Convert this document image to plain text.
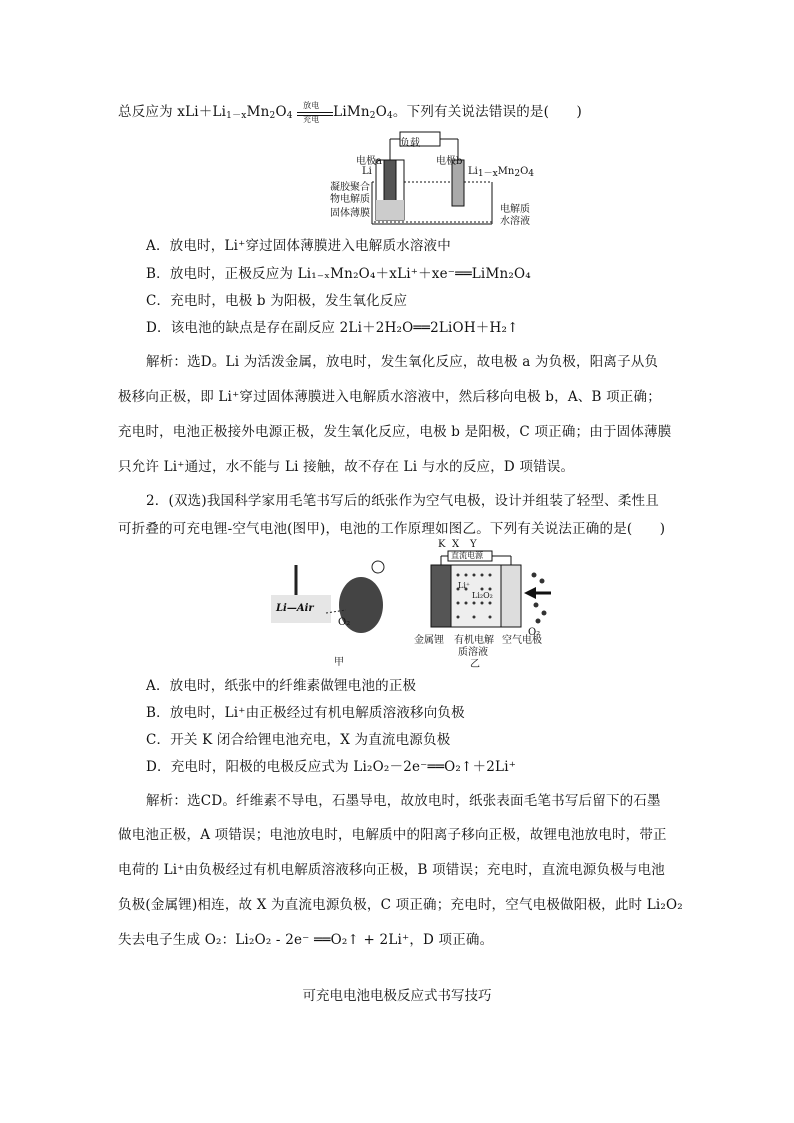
总反应为 $xLi+Li_{1-x}Mn_2O_4$
放电
充电 $LiMn_2O_4$。下列有关说法错误的是(　　)
负载
电极a	电极b
Li
凝胶聚合
物电解质
固体薄膜
$Li_{1-x}Mn_2O_4$
电解质
水溶液
A．放电时，Li⁺穿过固体薄膜进入电解质水溶液中
B．放电时，正极反应为 Li₁₋ₓMn₂O₄＋xLi⁺＋xe⁻══LiMn₂O₄
C．充电时，电极 b 为阳极，发生氧化反应
D．该电池的缺点是存在副反应 2Li＋2H₂O══2LiOH＋H₂↑
解析：选D。Li 为活泼金属，放电时，发生氧化反应，故电极 a 为负极，阳离子从负
极移向正极，即 Li⁺穿过固体薄膜进入电解质水溶液中，然后移向电极 b，A、B 项正确；
充电时，电池正极接外电源正极，发生氧化反应，电极 b 是阳极，C 项正确；由于固体薄膜
只允许 Li⁺通过，水不能与 Li 接触，故不存在 Li 与水的反应，D 项错误。
2．(双选)我国科学家用毛笔书写后的纸张作为空气电极，设计并组装了轻型、柔性且
可折叠的可充电锂-空气电池(图甲)，电池的工作原理如图乙。下列有关说法正确的是(　　)
Li—Air
O₂
K X Y
直流电源
Li⁺
Li₂O₂
O₂
金属锂 有机电解
质溶液
空气电极
甲	乙
A．放电时，纸张中的纤维素做锂电池的正极
B．放电时，Li⁺由正极经过有机电解质溶液移向负极
C．开关 K 闭合给锂电池充电，X 为直流电源负极
D．充电时，阳极的电极反应式为 Li₂O₂－2e⁻══O₂↑＋2Li⁺
解析：选CD。纤维素不导电，石墨导电，故放电时，纸张表面毛笔书写后留下的石墨
做电池正极，A 项错误；电池放电时，电解质中的阳离子移向正极，故锂电池放电时，带正
电荷的 Li⁺由负极经过有机电解质溶液移向正极，B 项错误；充电时，直流电源负极与电池
负极(金属锂)相连，故 X 为直流电源负极，C 项正确；充电时，空气电极做阳极，此时 Li₂O₂
失去电子生成 O₂：Li₂O₂ - 2e⁻ ══O₂↑ + 2Li⁺，D 项正确。
可充电电池电极反应式书写技巧
